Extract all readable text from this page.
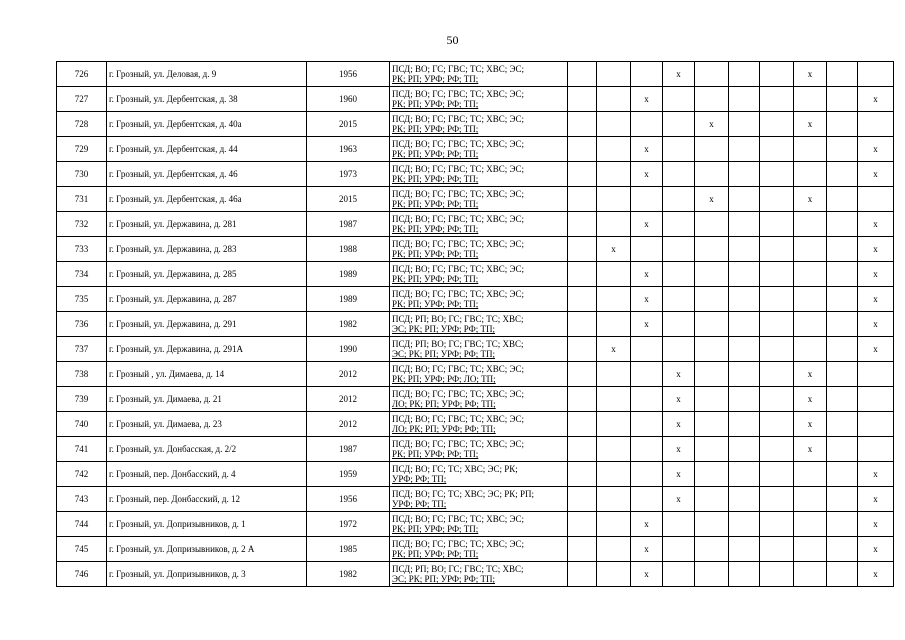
50
726	г. Грозный, ул. Деловая, д. 9	1956	ПСД; ВО; ГС; ГВС; ТС; ХВС; ЭС;
РК; РП; УРФ; РФ; ТП;				x				x		
727	г. Грозный, ул. Дербентская, д. 38	1960	ПСД; ВО; ГС; ГВС; ТС; ХВС; ЭС;
РК; РП; УРФ; РФ; ТП;			x							x
728	г. Грозный, ул. Дербентская, д. 40а	2015	ПСД; ВО; ГС; ГВС; ТС; ХВС; ЭС;
РК; РП; УРФ; РФ; ТП;					x			x		
729	г. Грозный, ул. Дербентская, д. 44	1963	ПСД; ВО; ГС; ГВС; ТС; ХВС; ЭС;
РК; РП; УРФ; РФ; ТП;			x							x
730	г. Грозный, ул. Дербентская, д. 46	1973	ПСД; ВО; ГС; ГВС; ТС; ХВС; ЭС;
РК; РП; УРФ; РФ; ТП;			x							x
731	г. Грозный, ул. Дербентская, д. 46а	2015	ПСД; ВО; ГС; ГВС; ТС; ХВС; ЭС;
РК; РП; УРФ; РФ; ТП;					x			x		
732	г. Грозный, ул. Державина, д. 281	1987	ПСД; ВО; ГС; ГВС; ТС; ХВС; ЭС;
РК; РП; УРФ; РФ; ТП;			x							x
733	г. Грозный, ул. Державина, д. 283	1988	ПСД; ВО; ГС; ГВС; ТС; ХВС; ЭС;
РК; РП; УРФ; РФ; ТП;		x								x
734	г. Грозный, ул. Державина, д. 285	1989	ПСД; ВО; ГС; ГВС; ТС; ХВС; ЭС;
РК; РП; УРФ; РФ; ТП;			x							x
735	г. Грозный, ул. Державина, д. 287	1989	ПСД; ВО; ГС; ГВС; ТС; ХВС; ЭС;
РК; РП; УРФ; РФ; ТП;			x							x
736	г. Грозный, ул. Державина, д. 291	1982	ПСД; РП; ВО; ГС; ГВС; ТС; ХВС;
ЭС; РК; РП; УРФ; РФ; ТП;			x							x
737	г. Грозный, ул. Державина, д. 291А	1990	ПСД; РП; ВО; ГС; ГВС; ТС; ХВС;
ЭС; РК; РП; УРФ; РФ; ТП;		x								x
738	г. Грозный , ул. Димаева, д. 14	2012	ПСД; ВО; ГС; ГВС; ТС; ХВС; ЭС;
РК; РП; УРФ; РФ; ЛО; ТП;				x				x		
739	г. Грозный, ул. Димаева, д. 21	2012	ПСД; ВО; ГС; ГВС; ТС; ХВС; ЭС;
ЛО; РК; РП; УРФ; РФ; ТП;				x				x		
740	г. Грозный, ул. Димаева, д. 23	2012	ПСД; ВО; ГС; ГВС; ТС; ХВС; ЭС;
ЛО; РК; РП; УРФ; РФ; ТП;				x				x		
741	г. Грозный, ул. Донбасская, д. 2/2	1987	ПСД; ВО; ГС; ГВС; ТС; ХВС; ЭС;
РК; РП; УРФ; РФ; ТП;				x				x		
742	г. Грозный, пер. Донбасский, д. 4	1959	ПСД; ВО; ГС; ТС; ХВС; ЭС; РК;
УРФ; РФ; ТП;				x						x
743	г. Грозный, пер. Донбасский, д. 12	1956	ПСД; ВО; ГС; ТС; ХВС; ЭС; РК; РП;
УРФ; РФ; ТП;				x						x
744	г. Грозный, ул. Допризывников, д. 1	1972	ПСД; ВО; ГС; ГВС; ТС; ХВС; ЭС;
РК; РП; УРФ; РФ; ТП;			x							x
745	г. Грозный, ул. Допризывников, д. 2 А	1985	ПСД; ВО; ГС; ГВС; ТС; ХВС; ЭС;
РК; РП; УРФ; РФ; ТП;			x							x
746	г. Грозный, ул. Допризывников, д. 3	1982	ПСД; РП; ВО; ГС; ГВС; ТС; ХВС;
ЭС; РК; РП; УРФ; РФ; ТП;			x							x
